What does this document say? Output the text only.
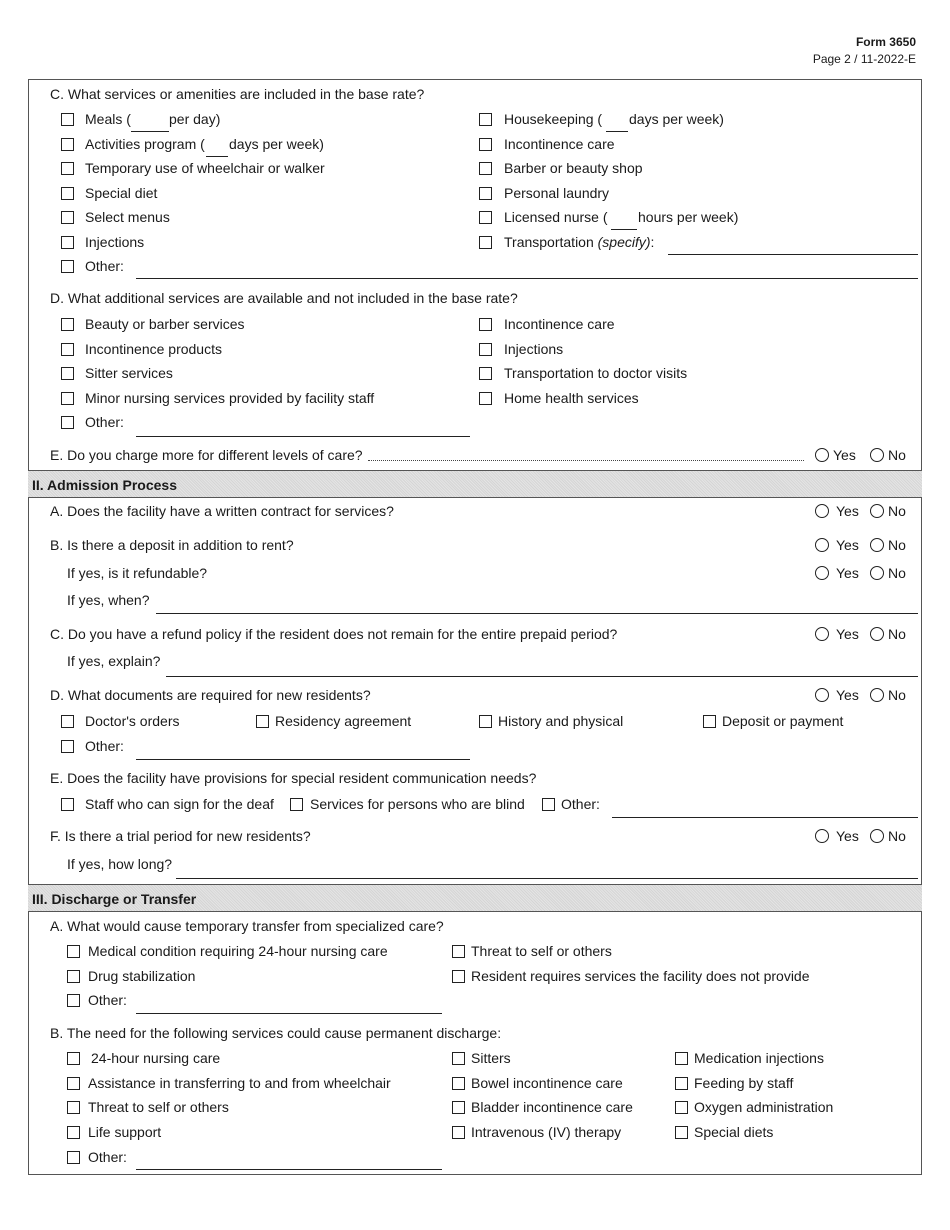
Form 3650
Page 2 / 11-2022-E
C. What services or amenities are included in the base rate?
Meals (	per day)
Activities program ( days per week)
Temporary use of wheelchair or walker
Special diet
Select menus
Injections
Other:
Housekeeping ( days per week)
Incontinence care
Barber or beauty shop
Personal laundry
Licensed nurse ( hours per week)
Transportation (specify):
D. What additional services are available and not included in the base rate?
Beauty or barber services
Incontinence products
Sitter services
Minor nursing services provided by facility staff
Other:
Incontinence care
Injections
Transportation to doctor visits
Home health services
E. Do you charge more for different levels of care?	Yes No
II. Admission Process
A. Does the facility have a written contract for services?	Yes No
B. Is there a deposit in addition to rent?	Yes No
If yes, is it refundable?	Yes No
If yes, when?
C. Do you have a refund policy if the resident does not remain for the entire prepaid period?	Yes No
If yes, explain?
D. What documents are required for new residents?	Yes No
Doctor's orders	Residency agreement	History and physical	Deposit or payment
Other:
E. Does the facility have provisions for special resident communication needs?
Staff who can sign for the deaf	Services for persons who are blind	Other:
F. Is there a trial period for new residents?	Yes No
If yes, how long?
III. Discharge or Transfer
A. What would cause temporary transfer from specialized care?
Medical condition requiring 24-hour nursing care
Drug stabilization
Other:
Threat to self or others
Resident requires services the facility does not provide
B. The need for the following services could cause permanent discharge:
24-hour nursing care
Assistance in transferring to and from wheelchair
Threat to self or others
Life support
Other:
Sitters
Bowel incontinence care
Bladder incontinence care
Intravenous (IV) therapy
Medication injections
Feeding by staff
Oxygen administration
Special diets
